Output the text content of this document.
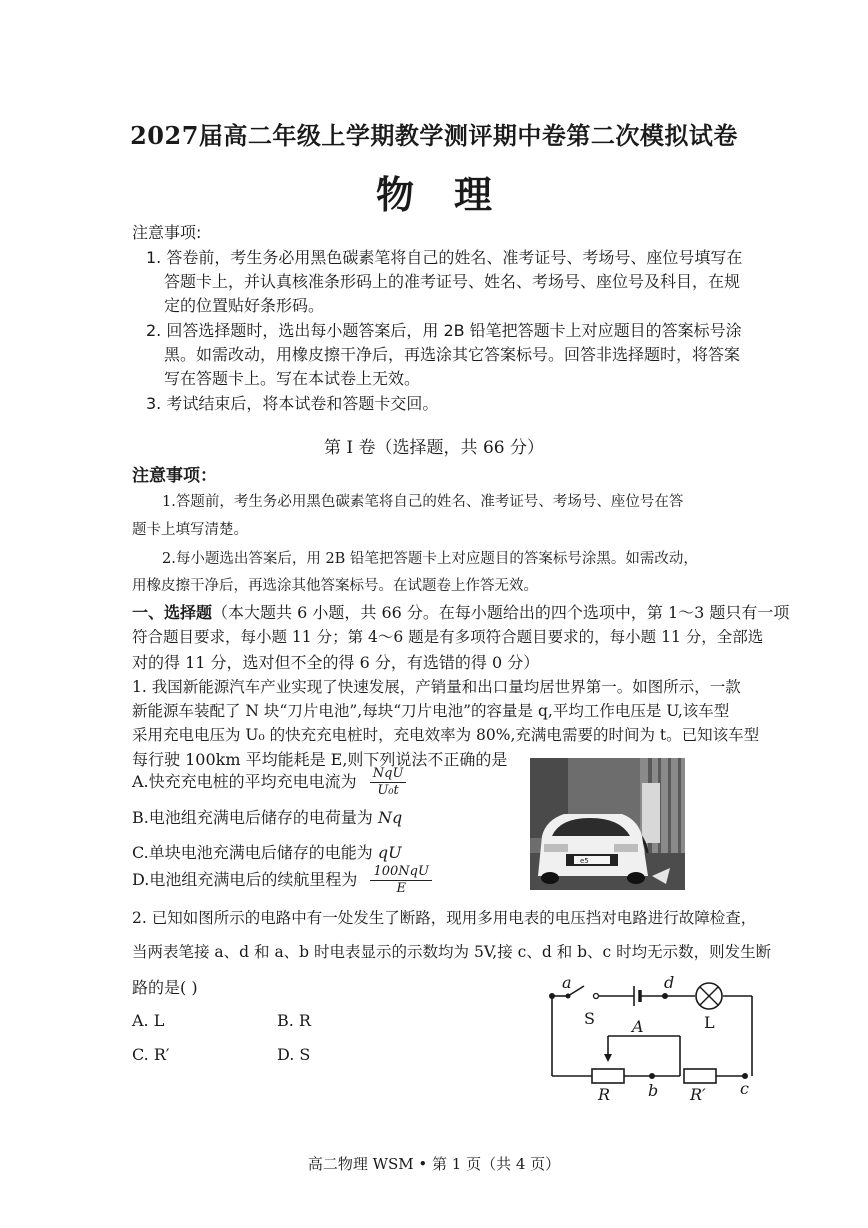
2027届高二年级上学期教学测评期中卷第二次模拟试卷
物理
注意事项:
1. 答卷前，考生务必用黑色碳素笔将自己的姓名、准考证号、考场号、座位号填写在
答题卡上，并认真核准条形码上的准考证号、姓名、考场号、座位号及科目，在规
定的位置贴好条形码。
2. 回答选择题时，选出每小题答案后，用 2B 铅笔把答题卡上对应题目的答案标号涂
黑。如需改动，用橡皮擦干净后，再选涂其它答案标号。回答非选择题时，将答案
写在答题卡上。写在本试卷上无效。
3. 考试结束后，将本试卷和答题卡交回。
第 I 卷（选择题，共 66 分）
注意事项：
1.答题前，考生务必用黑色碳素笔将自己的姓名、准考证号、考场号、座位号在答
题卡上填写清楚。
2.每小题选出答案后，用 2B 铅笔把答题卡上对应题目的答案标号涂黑。如需改动，
用橡皮擦干净后，再选涂其他答案标号。在试题卷上作答无效。
一、选择题（本大题共 6 小题，共 66 分。在每小题给出的四个选项中，第 1～3 题只有一项
符合题目要求，每小题 11 分；第 4～6 题是有多项符合题目要求的，每小题 11 分，全部选
对的得 11 分，选对但不全的得 6 分，有选错的得 0 分）
1. 我国新能源汽车产业实现了快速发展，产销量和出口量均居世界第一。如图所示，一款
新能源车装配了 N 块“刀片电池”,每块“刀片电池”的容量是 q,平均工作电压是 U,该车型
采用充电电压为 U₀ 的快充充电桩时，充电效率为 80%,充满电需要的时间为 t。已知该车型
每行驶 100km 平均能耗是 E,则下列说法不正确的是
A.快充充电桩的平均充电电流为 $\frac{\text{NqU}}{\text{U₀t}}$
B.电池组充满电后储存的电荷量为 Nq
C.单块电池充满电后储存的电能为 qU
D.电池组充满电后的续航里程为 $\frac{\text{100NqU}}{E}$
e5
2. 已知如图所示的电路中有一处发生了断路，现用多用电表的电压挡对电路进行故障检查，
当两表笔接 a、d 和 a、b 时电表显示的示数均为 5V,接 c、d 和 b、c 时均无示数，则发生断
路的是( )
A. L	B. R
C. R′	D. S
a	d
S	L
A
b	c
R	R′
高二物理 WSM • 第 1 页（共 4 页）
